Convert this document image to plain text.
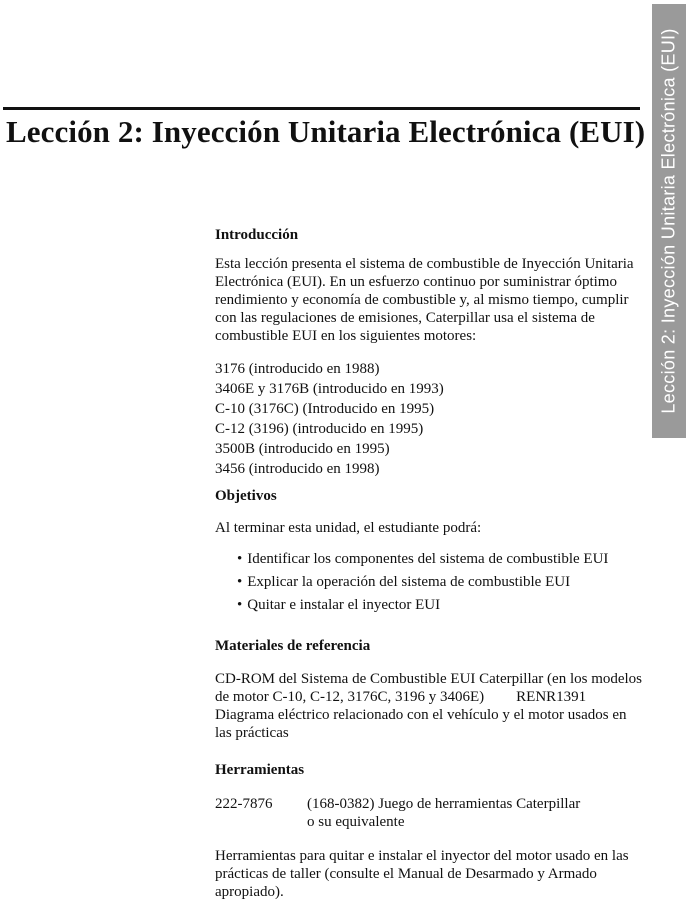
Lección 2: Inyección Unitaria Electrónica (EUI) Lección 2: Inyección Unitaria Electrónica (EUI)
Introducción

Esta lección presenta el sistema de combustible de Inyección Unitaria Electrónica (EUI). En un esfuerzo continuo por suministrar óptimo rendimiento y economía de combustible y, al mismo tiempo, cumplir con las regulaciones de emisiones, Caterpillar usa el sistema de combustible EUI en los siguientes motores:

3176 (introducido en 1988)
3406E y 3176B (introducido en 1993)
C-10 (3176C) (Introducido en 1995)
C-12 (3196) (introducido en 1995)
3500B (introducido en 1995)
3456 (introducido en 1998)
Objetivos

Al terminar esta unidad, el estudiante podrá:

• Identificar los componentes del sistema de combustible EUI
• Explicar la operación del sistema de combustible EUI
• Quitar e instalar el inyector EUI
Materiales de referencia

CD-ROM del Sistema de Combustible EUI Caterpillar (en los modelos de motor C-10, C-12, 3176C, 3196 y 3406E) RENR1391
Diagrama eléctrico relacionado con el vehículo y el motor usados en las prácticas

Herramientas
222-7876	(168-0382) Juego de herramientas Caterpillar
o su equivalente

Herramientas para quitar e instalar el inyector del motor usado en las prácticas de taller (consulte el Manual de Desarmado y Armado apropiado).
